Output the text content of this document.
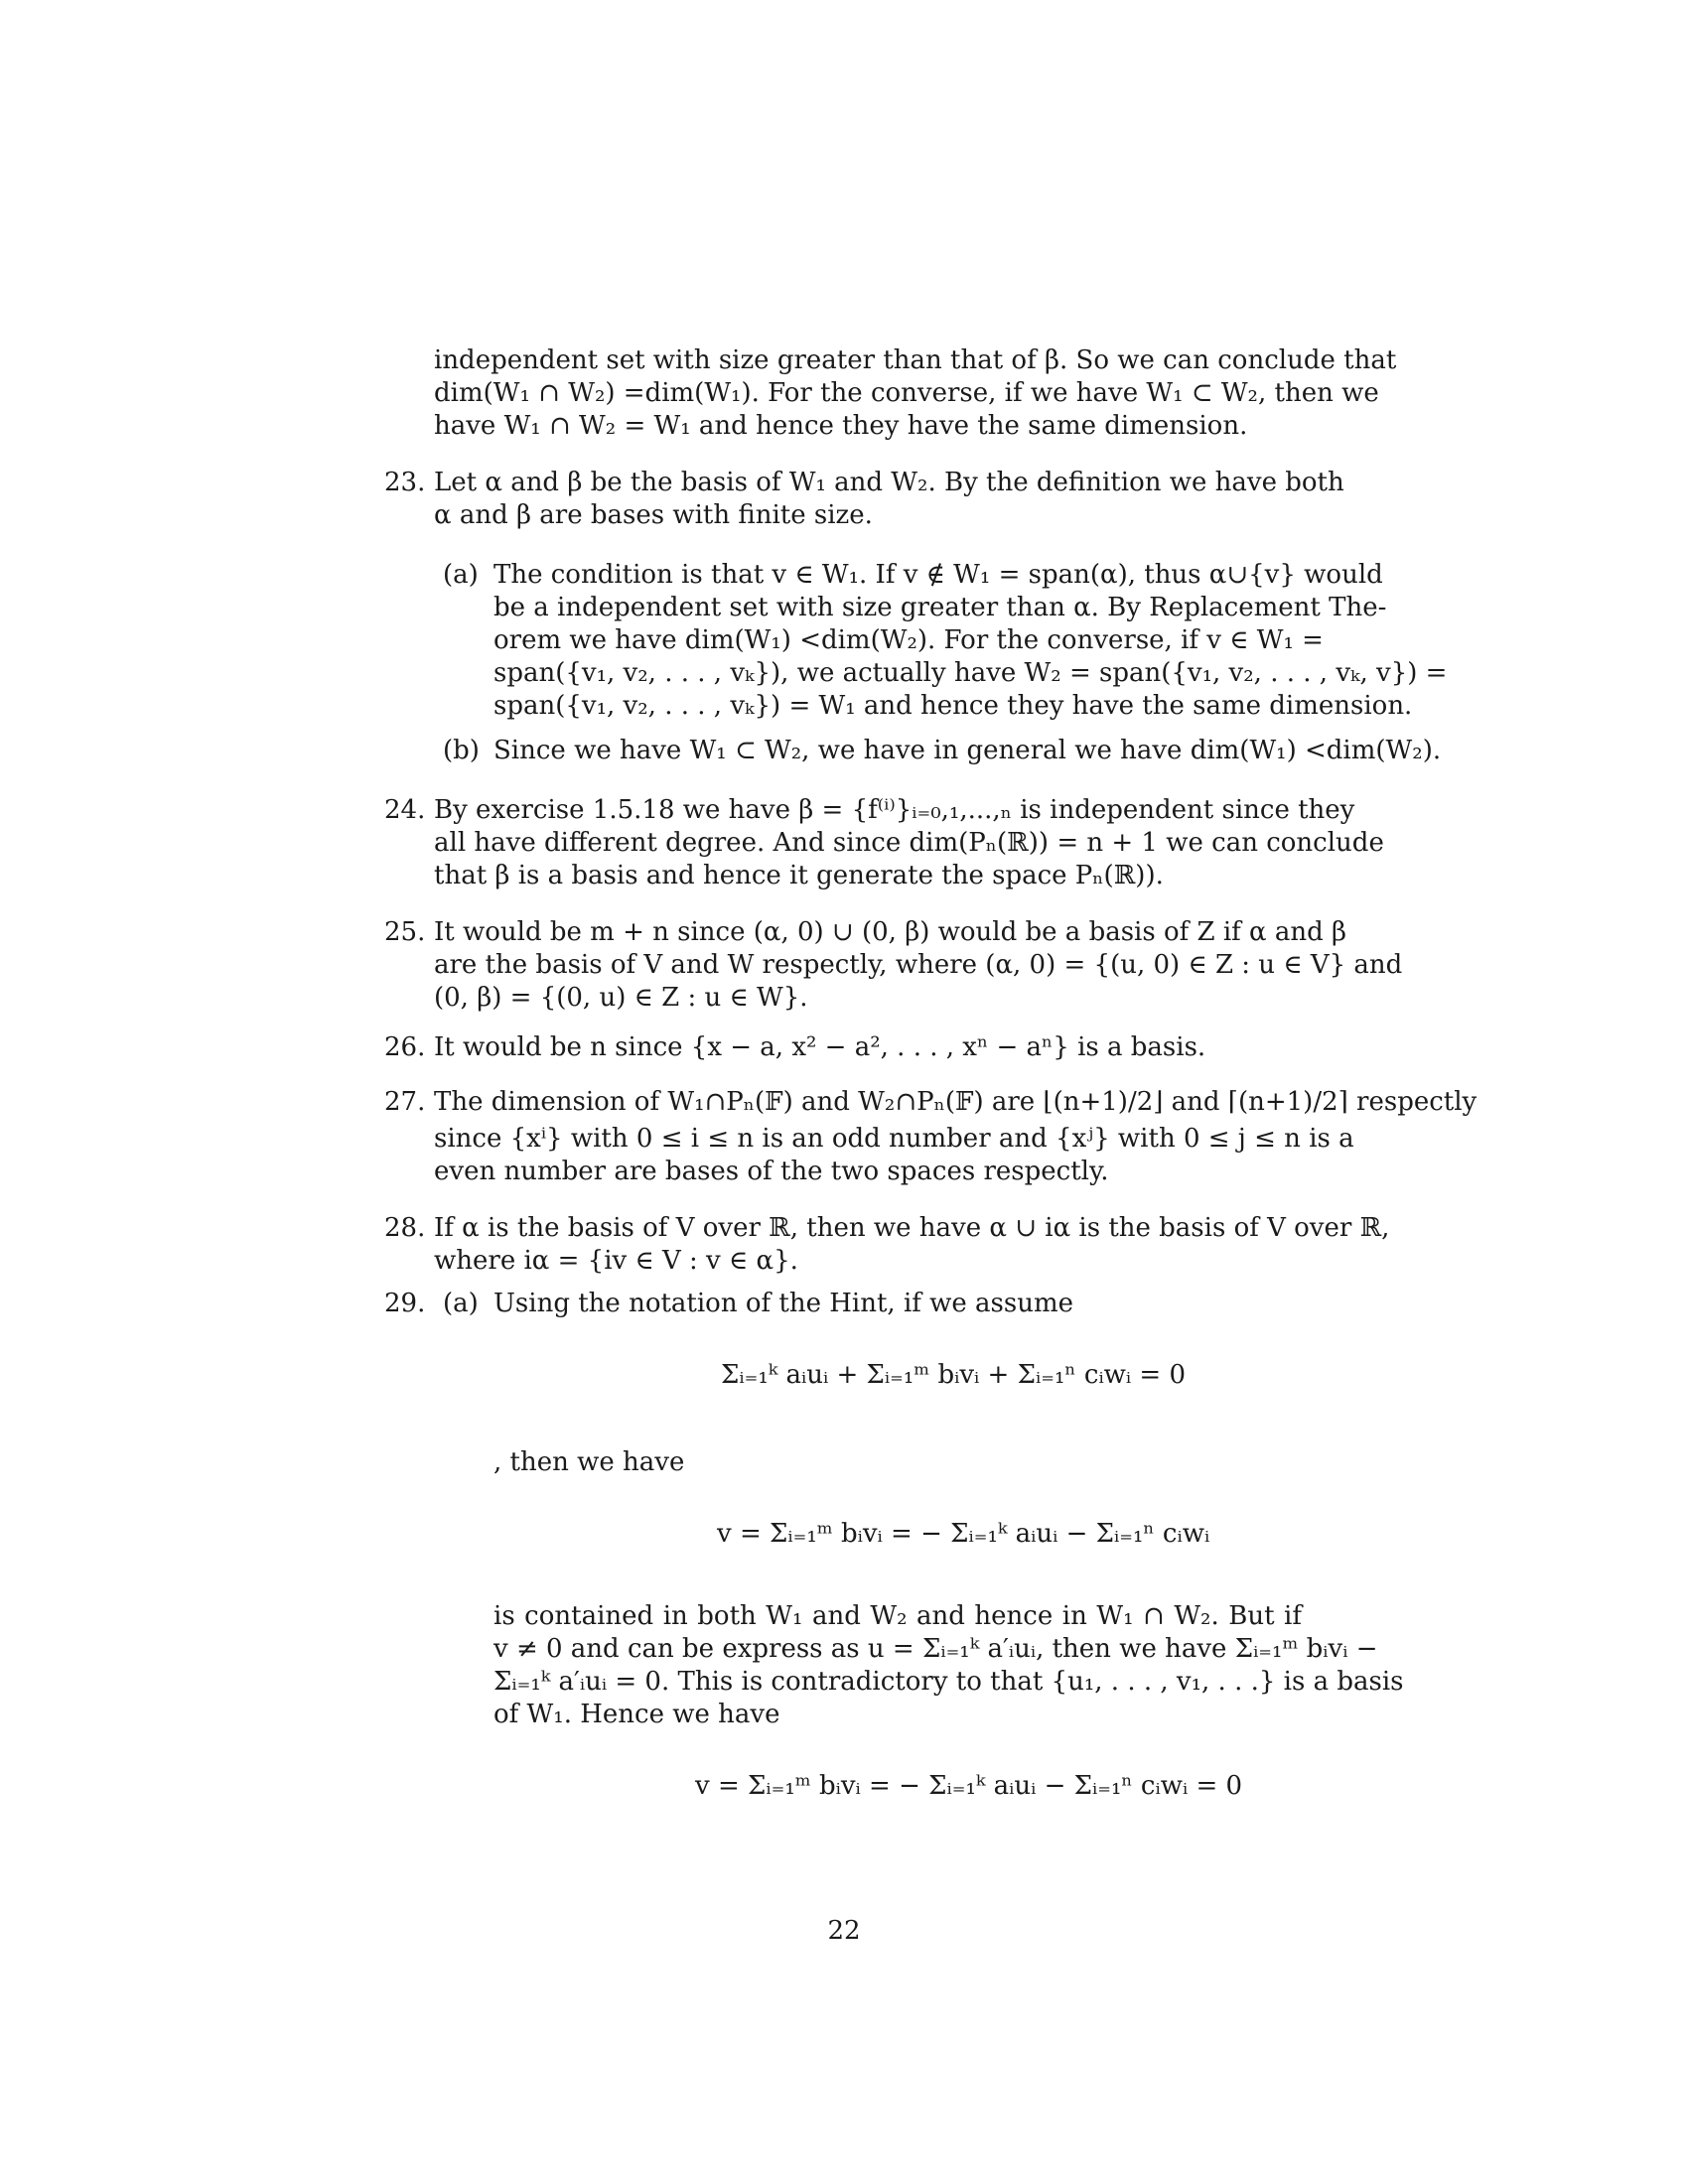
independent set with size greater than that of β. So we can conclude that
dim(W₁ ∩ W₂) =dim(W₁). For the converse, if we have W₁ ⊂ W₂, then we
have W₁ ∩ W₂ = W₁ and hence they have the same dimension.
23. Let α and β be the basis of W₁ and W₂. By the definition we have both
α and β are bases with finite size.
(a) The condition is that v ∈ W₁. If v ∉ W₁ = span(α), thus α∪{v} would
be a independent set with size greater than α. By Replacement The-
orem we have dim(W₁) <dim(W₂). For the converse, if v ∈ W₁ =
span({v₁, v₂, . . . , vₖ}), we actually have W₂ = span({v₁, v₂, . . . , vₖ, v}) =
span({v₁, v₂, . . . , vₖ}) = W₁ and hence they have the same dimension.
(b) Since we have W₁ ⊂ W₂, we have in general we have dim(W₁) <dim(W₂).
24. By exercise 1.5.18 we have β = {f⁽ⁱ⁾}ᵢ₌₀,₁,...,ₙ is independent since they
all have different degree. And since dim(Pₙ(ℝ)) = n + 1 we can conclude
that β is a basis and hence it generate the space Pₙ(ℝ)).
25. It would be m + n since (α, 0) ∪ (0, β) would be a basis of Z if α and β
are the basis of V and W respectly, where (α, 0) = {(u, 0) ∈ Z : u ∈ V} and
(0, β) = {(0, u) ∈ Z : u ∈ W}.
26. It would be n since {x − a, x² − a², . . . , xⁿ − aⁿ} is a basis.
27. The dimension of W₁∩Pₙ(𝔽) and W₂∩Pₙ(𝔽) are ⌊(n+1)/2⌋ and ⌈(n+1)/2⌉ respectly
since {xⁱ} with 0 ≤ i ≤ n is an odd number and {xʲ} with 0 ≤ j ≤ n is a
even number are bases of the two spaces respectly.
28. If α is the basis of V over ℝ, then we have α ∪ iα is the basis of V over ℝ,
where iα = {iv ∈ V : v ∈ α}.
29. (a) Using the notation of the Hint, if we assume
Σᵢ₌₁ᵏ aᵢuᵢ + Σᵢ₌₁ᵐ bᵢvᵢ + Σᵢ₌₁ⁿ cᵢwᵢ = 0
, then we have
v = Σᵢ₌₁ᵐ bᵢvᵢ = − Σᵢ₌₁ᵏ aᵢuᵢ − Σᵢ₌₁ⁿ cᵢwᵢ
is contained in both W₁ and W₂ and hence in W₁ ∩ W₂. But if
v ≠ 0 and can be express as u = Σᵢ₌₁ᵏ a′ᵢuᵢ, then we have Σᵢ₌₁ᵐ bᵢvᵢ −
Σᵢ₌₁ᵏ a′ᵢuᵢ = 0. This is contradictory to that {u₁, . . . , v₁, . . .} is a basis
of W₁. Hence we have
v = Σᵢ₌₁ᵐ bᵢvᵢ = − Σᵢ₌₁ᵏ aᵢuᵢ − Σᵢ₌₁ⁿ cᵢwᵢ = 0
22
